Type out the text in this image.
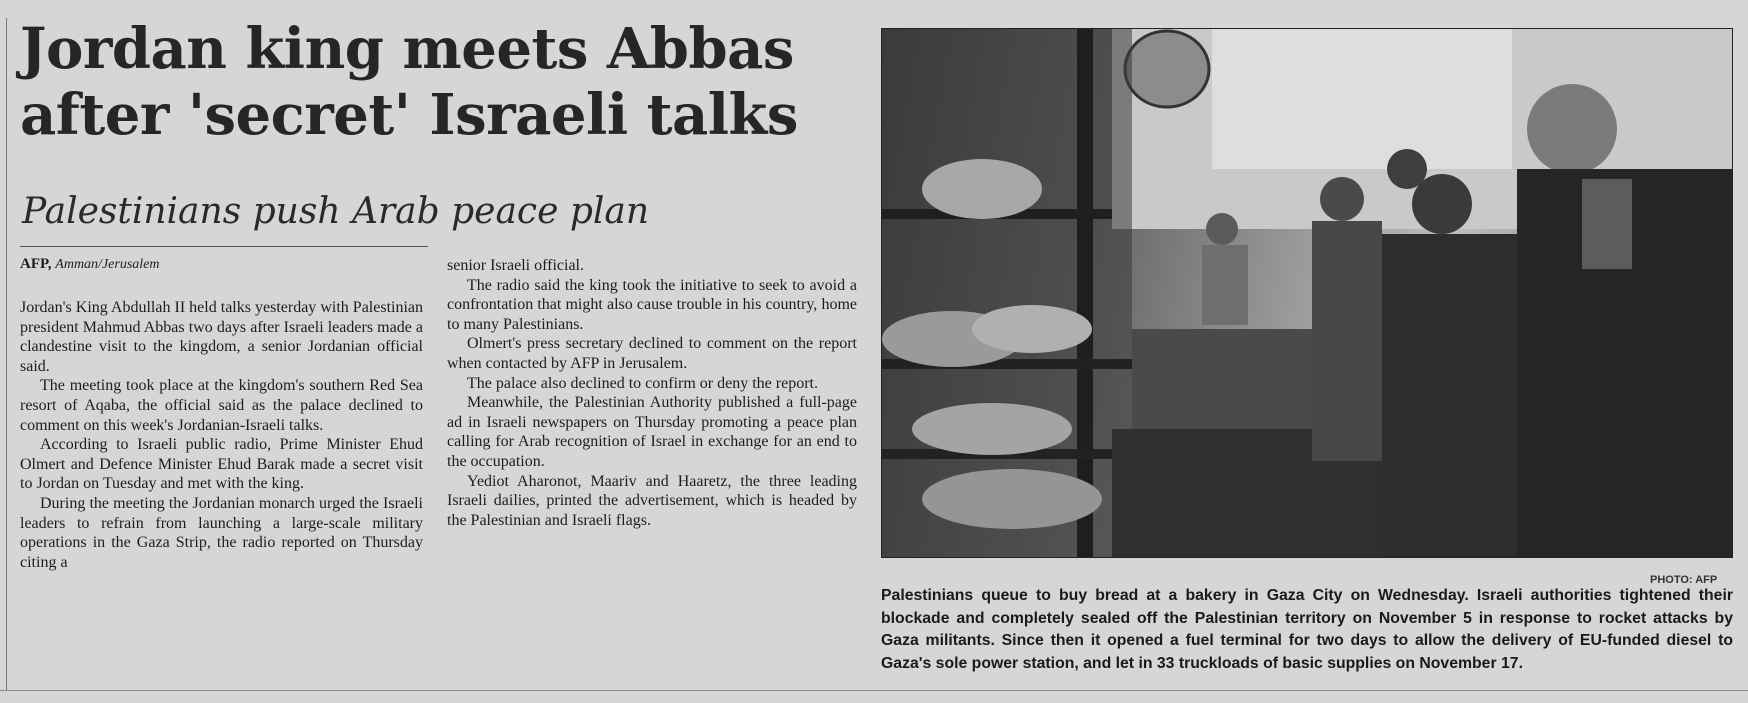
Jordan king meets Abbas
after 'secret' Israeli talks
Palestinians push Arab peace plan
AFP, Amman/Jerusalem

Jordan's King Abdullah II held talks yesterday with Palestinian president Mahmud Abbas two days after Israeli leaders made a clandestine visit to the kingdom, a senior Jordanian official said.

The meeting took place at the kingdom's southern Red Sea resort of Aqaba, the official said as the palace declined to comment on this week's Jordanian-Israeli talks.

According to Israeli public radio, Prime Minister Ehud Olmert and Defence Minister Ehud Barak made a secret visit to Jordan on Tuesday and met with the king.

During the meeting the Jordanian monarch urged the Israeli leaders to refrain from launching a large-scale military operations in the Gaza Strip, the radio reported on Thursday citing a

senior Israeli official.

The radio said the king took the initiative to seek to avoid a confrontation that might also cause trouble in his country, home to many Palestinians.

Olmert's press secretary declined to comment on the report when contacted by AFP in Jerusalem.

The palace also declined to confirm or deny the report.

Meanwhile, the Palestinian Authority published a full-page ad in Israeli newspapers on Thursday promoting a peace plan calling for Arab recognition of Israel in exchange for an end to the occupation.

Yediot Aharonot, Maariv and Haaretz, the three leading Israeli dailies, printed the advertisement, which is headed by the Palestinian and Israeli flags.

PHOTO: AFP
Palestinians queue to buy bread at a bakery in Gaza City on Wednesday. Israeli authorities tightened their blockade and completely sealed off the Palestinian territory on November 5 in response to rocket attacks by Gaza militants. Since then it opened a fuel terminal for two days to allow the delivery of EU-funded diesel to Gaza's sole power station, and let in 33 truckloads of basic supplies on November 17.
